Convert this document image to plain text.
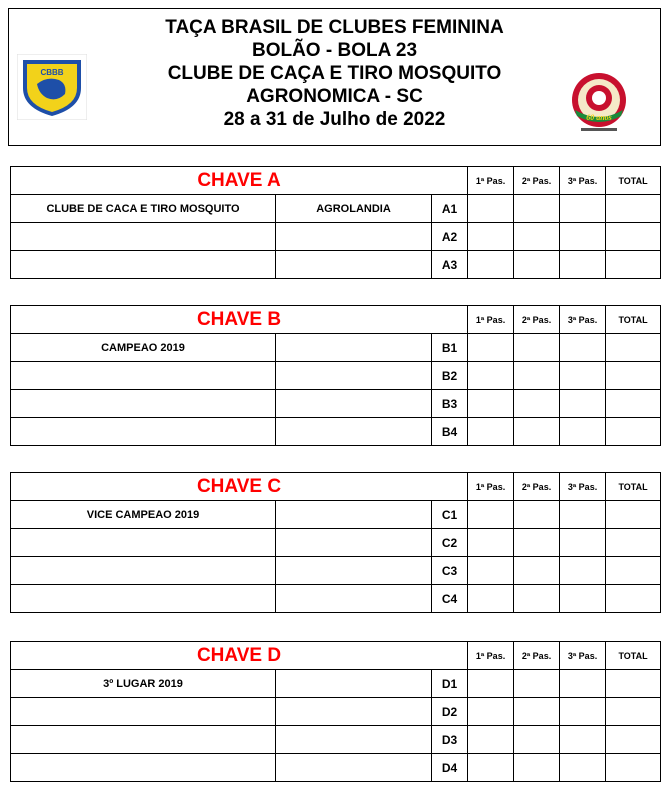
TAÇA BRASIL DE CLUBES FEMININA
BOLÃO - BOLA 23
CLUBE DE CAÇA E TIRO MOSQUITO
AGRONOMICA - SC
28 a 31 de Julho de 2022
CBBB
60 anos
CHAVE A			1ª Pas.	2ª Pas.	3ª Pas.	TOTAL
CLUBE DE CACA E TIRO MOSQUITO	AGROLANDIA	A1				
		A2				
		A3				
CHAVE B			1ª Pas.	2ª Pas.	3ª Pas.	TOTAL
CAMPEAO 2019		B1				
		B2				
		B3				
		B4				
CHAVE C			1ª Pas.	2ª Pas.	3ª Pas.	TOTAL
VICE CAMPEAO 2019		C1				
		C2				
		C3				
		C4				
CHAVE D			1ª Pas.	2ª Pas.	3ª Pas.	TOTAL
3º LUGAR 2019		D1				
		D2				
		D3				
		D4				
